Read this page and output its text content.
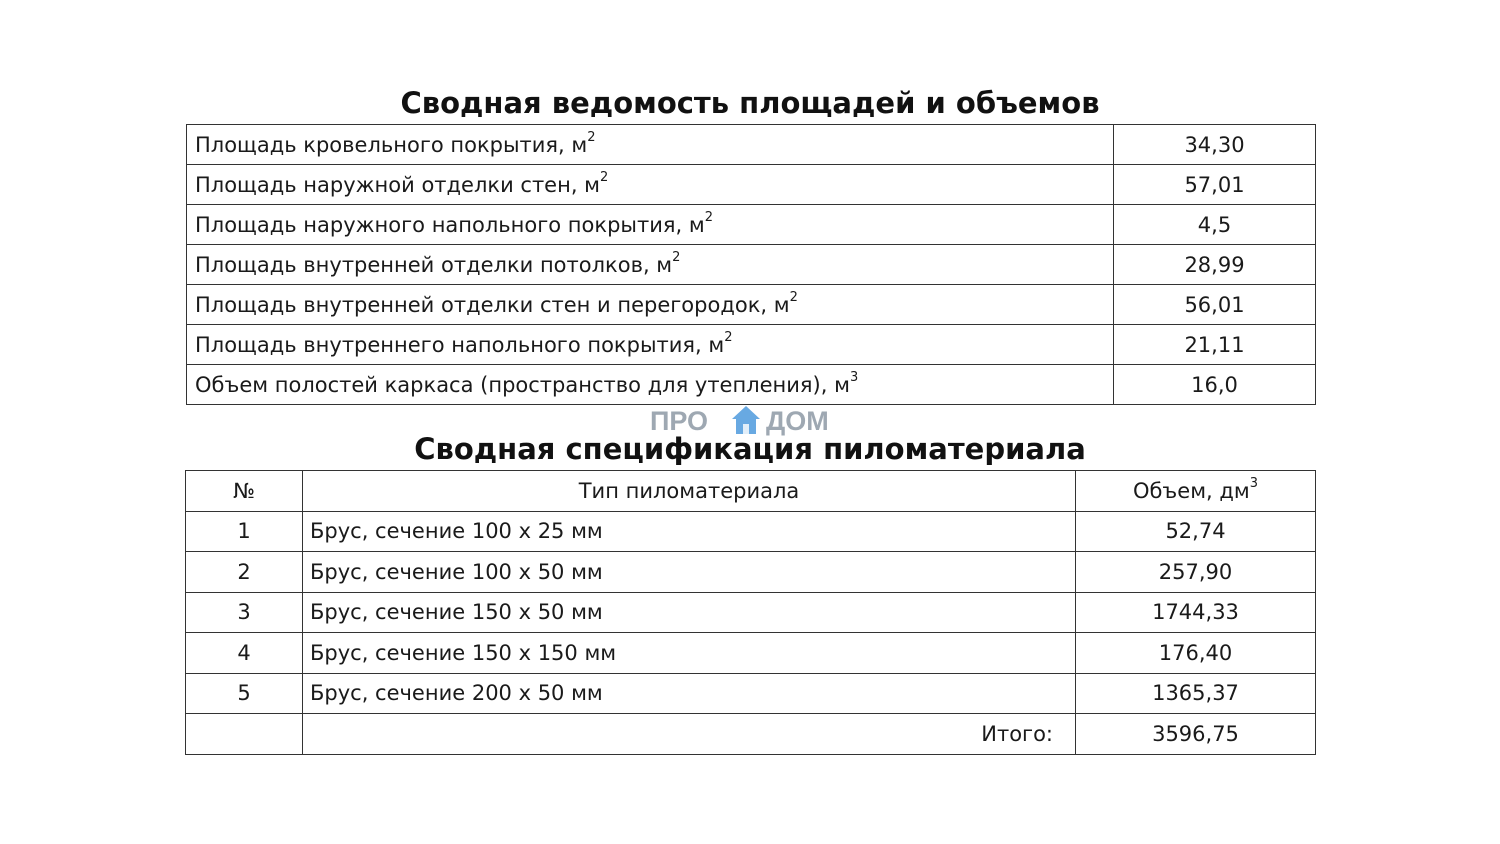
Сводная ведомость площадей и объемов
Площадь кровельного покрытия, $м^2$	34,30
Площадь наружной отделки стен, $м^2$	57,01
Площадь наружного напольного покрытия, $м^2$	4,5
Площадь внутренней отделки потолков, $м^2$	28,99
Площадь внутренней отделки стен и перегородок, $м^2$	56,01
Площадь внутреннего напольного покрытия, $м^2$	21,11
Объем полостей каркаса (пространство для утепления), $м^3$	16,0
ПРО ДОМ
Сводная спецификация пиломатериала
№	Тип пиломатериала	Объем, $дм^3$
1	Брус, сечение 100 х 25 мм	52,74
2	Брус, сечение 100 х 50 мм	257,90
3	Брус, сечение 150 х 50 мм	1744,33
4	Брус, сечение 150 х 150 мм	176,40
5	Брус, сечение 200 х 50 мм	1365,37
	Итого:	3596,75
